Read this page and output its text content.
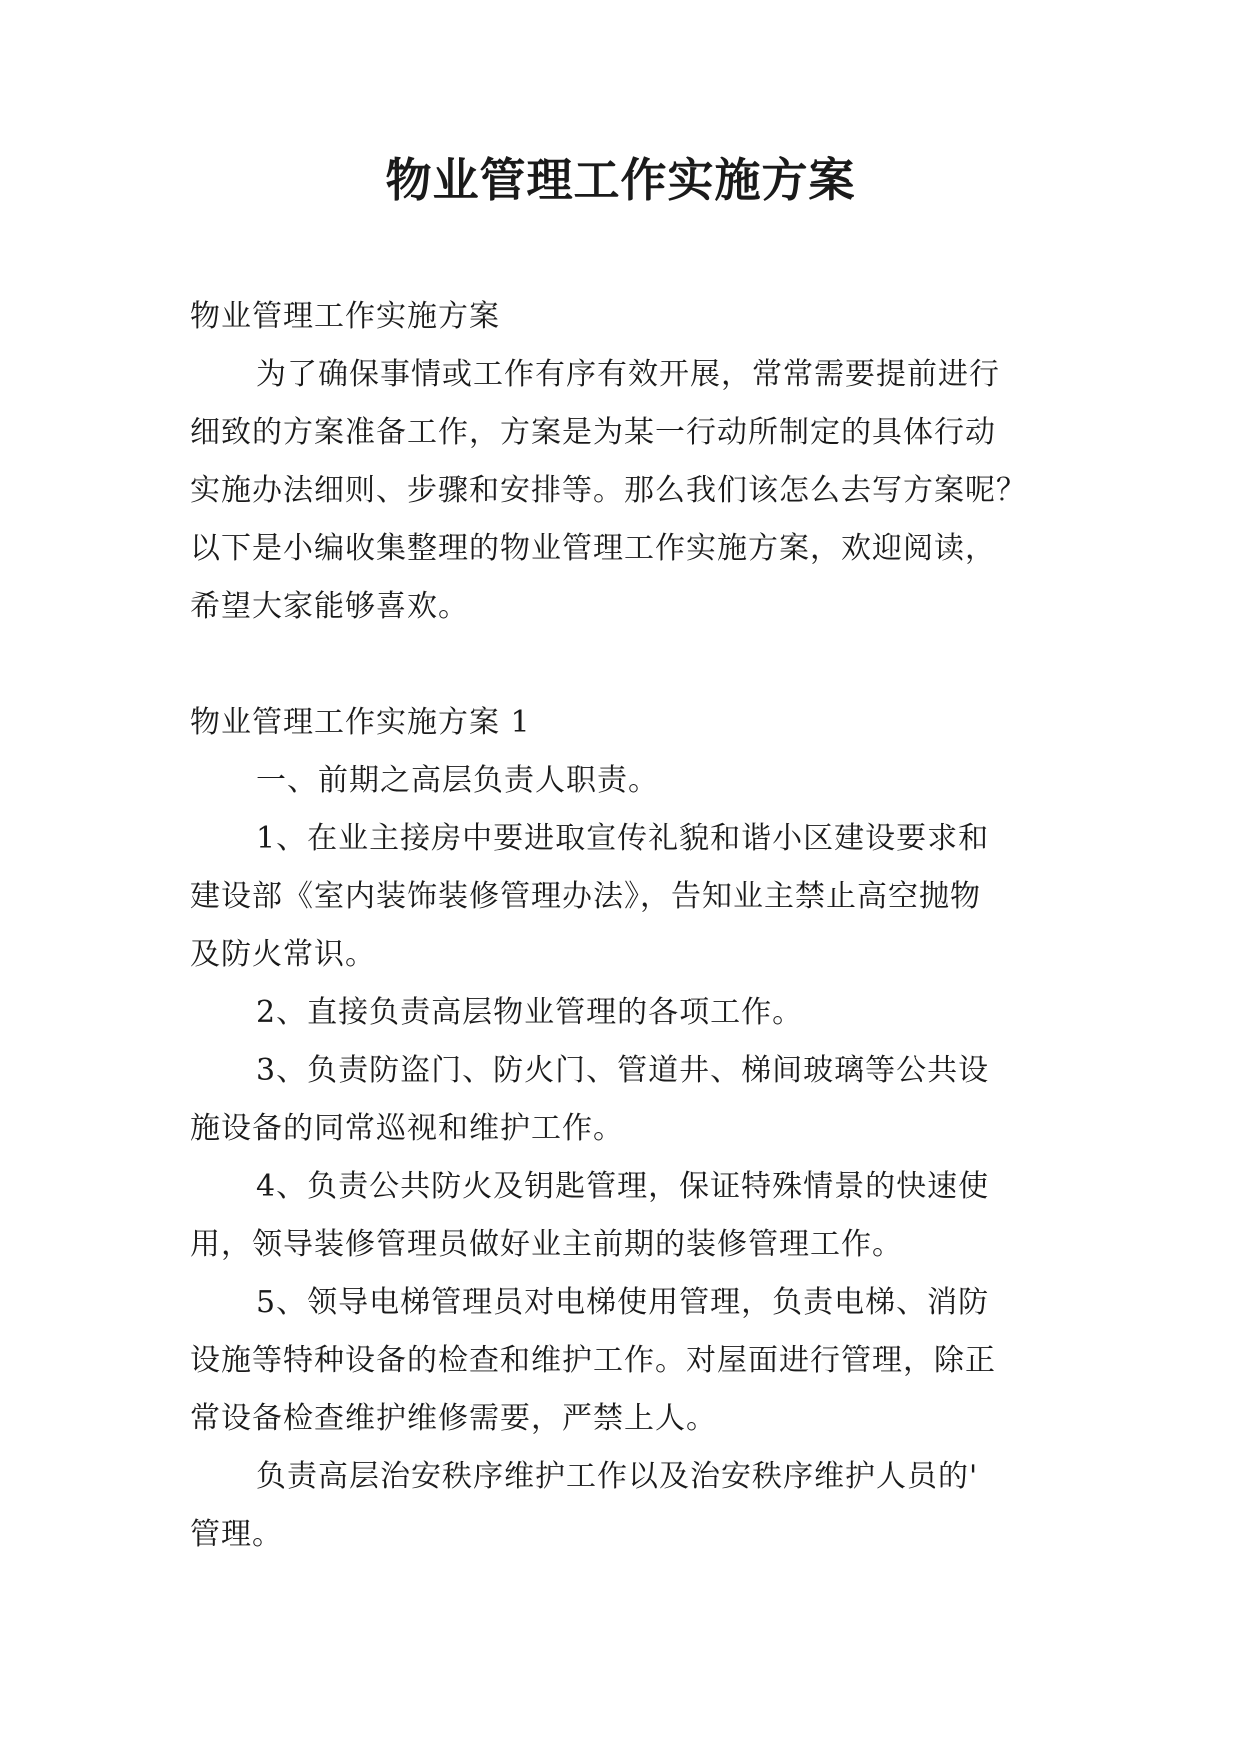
物业管理工作实施方案
物业管理工作实施方案
为了确保事情或工作有序有效开展，常常需要提前进行
细致的方案准备工作，方案是为某一行动所制定的具体行动
实施办法细则、步骤和安排等。那么我们该怎么去写方案呢？
以下是小编收集整理的物业管理工作实施方案，欢迎阅读，
希望大家能够喜欢。
物业管理工作实施方案 1
一、前期之高层负责人职责。
1、在业主接房中要进取宣传礼貌和谐小区建设要求和
建设部《室内装饰装修管理办法》，告知业主禁止高空抛物
及防火常识。
2、直接负责高层物业管理的各项工作。
3、负责防盗门、防火门、管道井、梯间玻璃等公共设
施设备的同常巡视和维护工作。
4、负责公共防火及钥匙管理，保证特殊情景的快速使
用，领导装修管理员做好业主前期的装修管理工作。
5、领导电梯管理员对电梯使用管理，负责电梯、消防
设施等特种设备的检查和维护工作。对屋面进行管理，除正
常设备检查维护维修需要，严禁上人。
负责高层治安秩序维护工作以及治安秩序维护人员的'
管理。
